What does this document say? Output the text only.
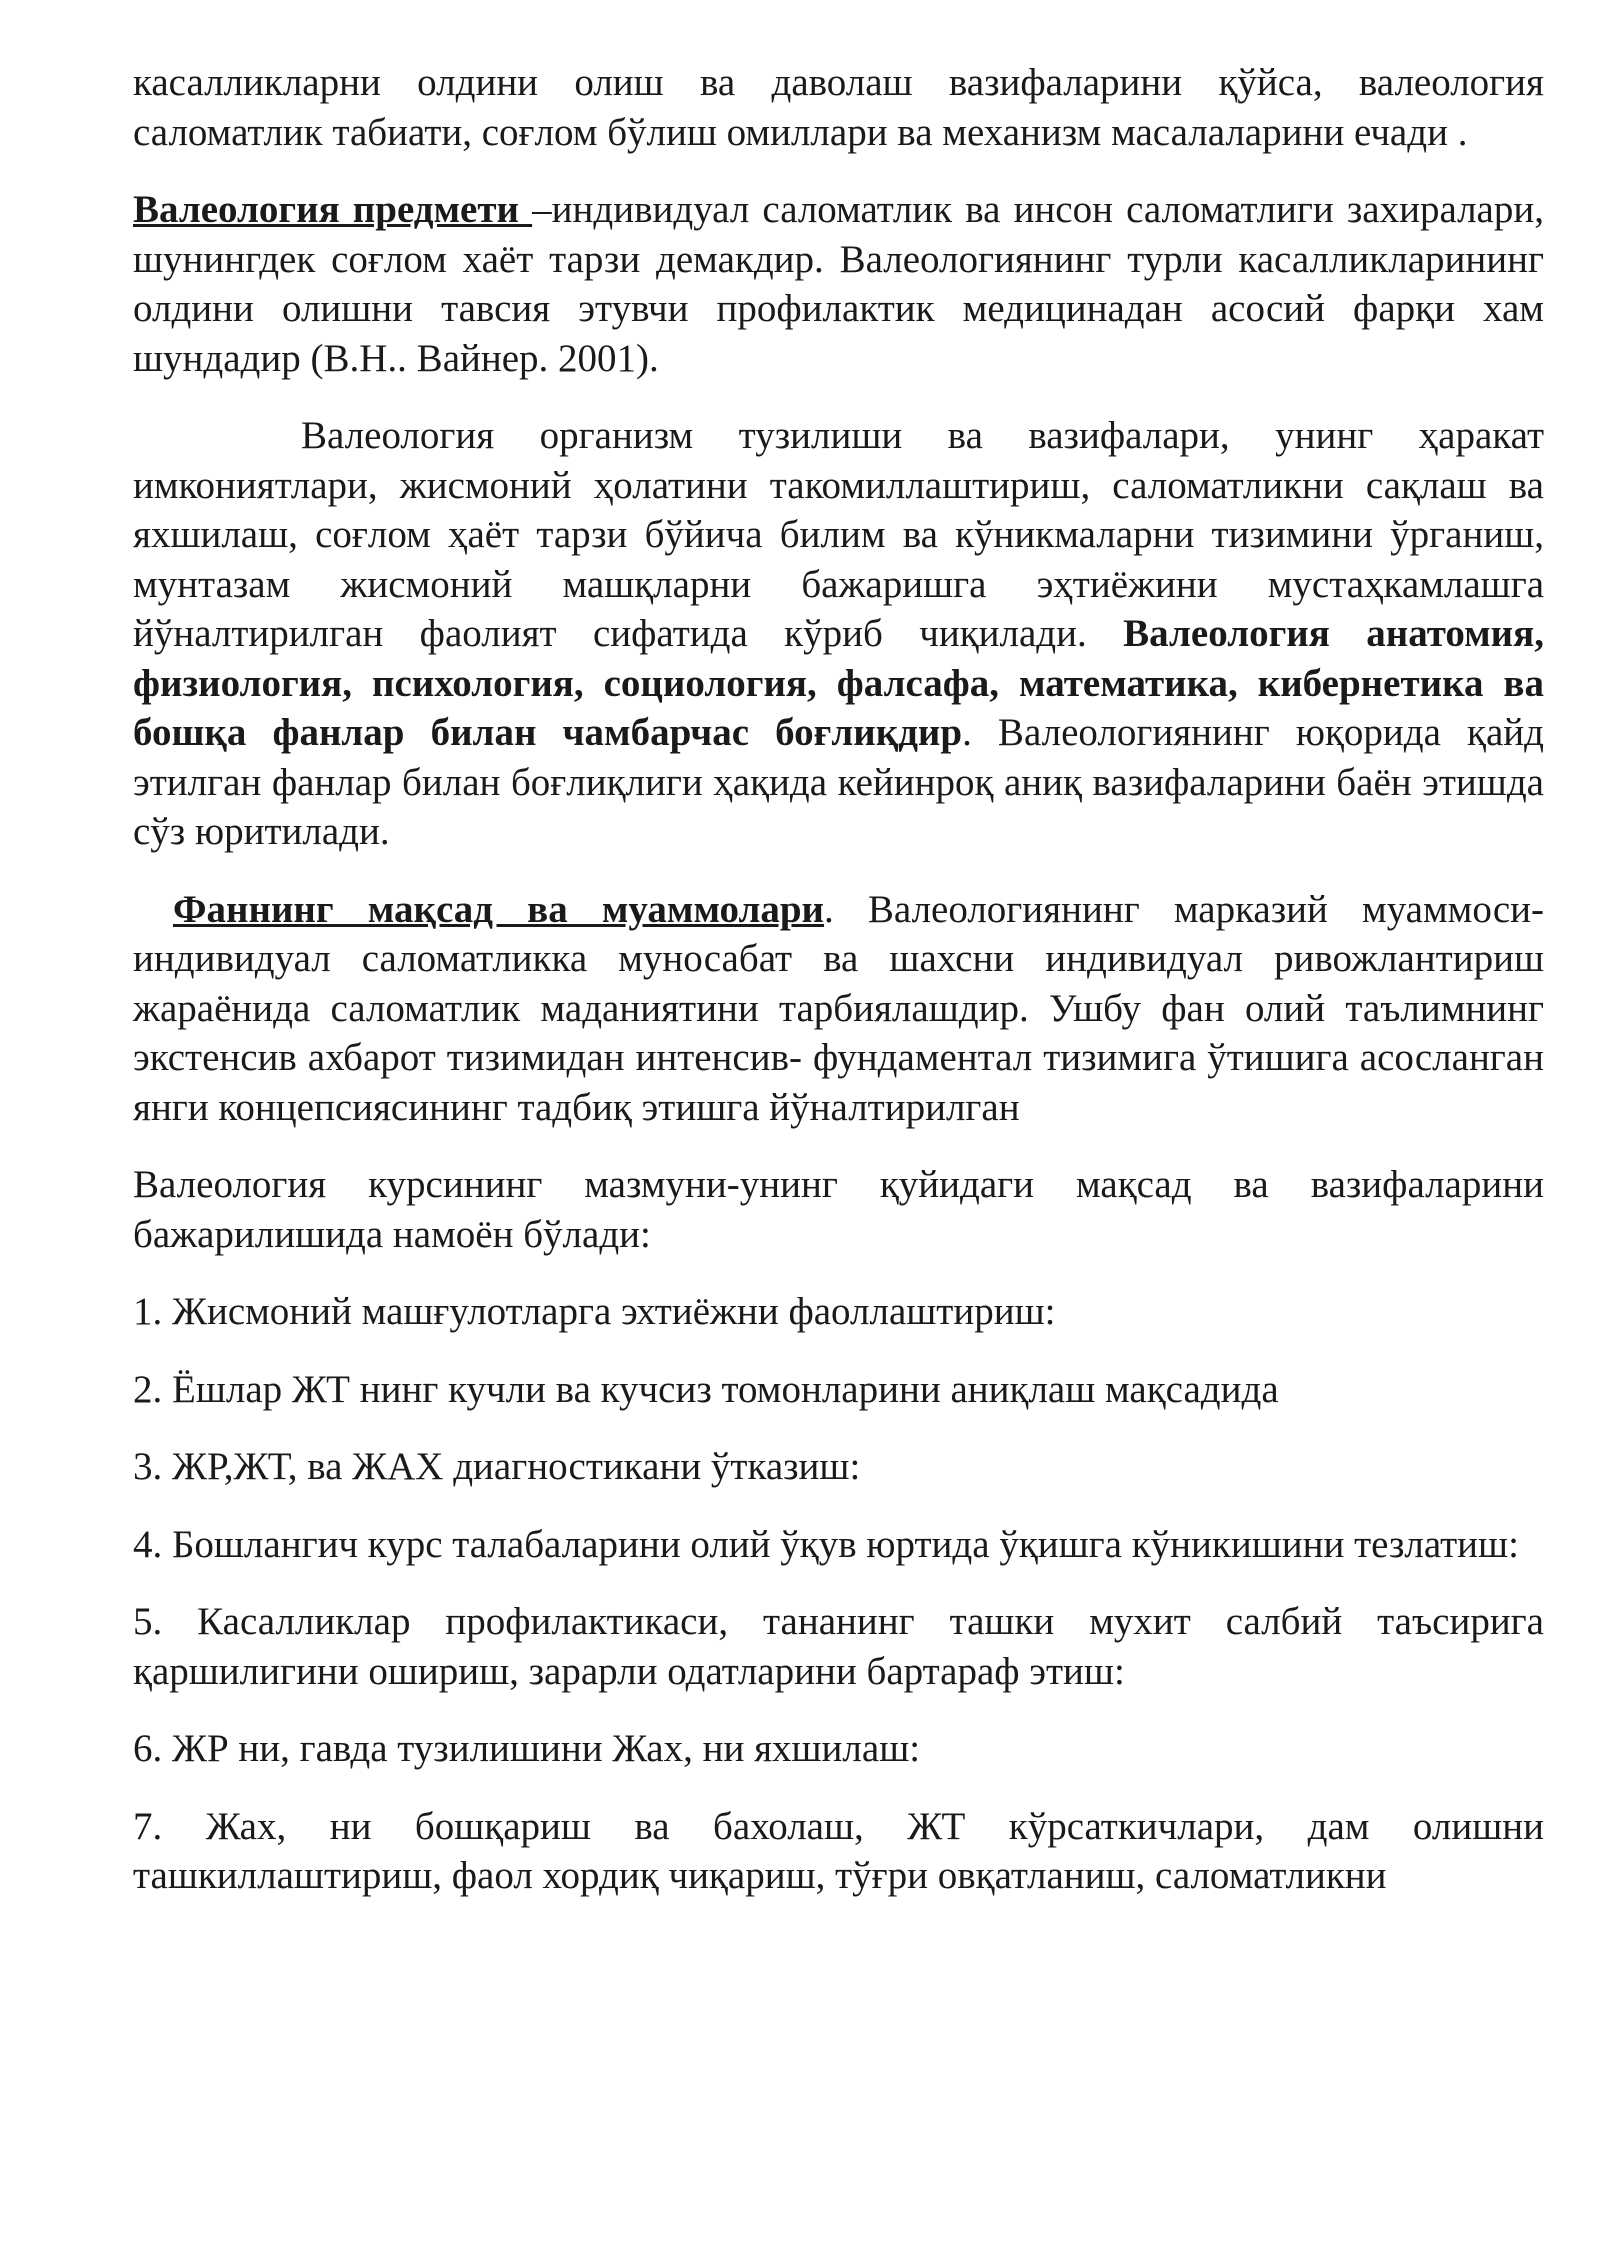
касалликларни олдини олиш ва даволаш вазифаларини қўйса, валеология саломатлик табиати, соғлом бўлиш омиллари ва механизм масалаларини ечади .

Валеология предмети –индивидуал саломатлик ва инсон саломатлиги захиралари, шунингдек соғлом хаёт тарзи демакдир. Валеологиянинг турли касалликларининг олдини олишни тавсия этувчи профилактик медицинадан асосий фарқи хам шундадир (В.Н.. Вайнер. 2001).

Валеология организм тузилиши ва вазифалари, унинг ҳаракат имкониятлари, жисмоний ҳолатини такомиллаштириш, саломатликни сақлаш ва яхшилаш, соғлом ҳаёт тарзи бўйича билим ва кўникмаларни тизимини ўрганиш, мунтазам жисмоний машқларни бажаришга эҳтиёжини мустаҳкамлашга йўналтирилган фаолият сифатида кўриб чиқилади. Валеология анатомия, физиология, психология, социология, фалсафа, математика, кибернетика ва бошқа фанлар билан чамбарчас боғлиқдир. Валеологиянинг юқорида қайд этилган фанлар билан боғлиқлиги ҳақида кейинроқ аниқ вазифаларини баён этишда сўз юритилади.

Фаннинг мақсад ва муаммолари. Валеологиянинг марказий муаммоси- индивидуал саломатликка муносабат ва шахсни индивидуал ривожлантириш жараёнида саломатлик маданиятини тарбиялашдир. Ушбу фан олий таълимнинг экстенсив ахбарот тизимидан интенсив- фундаментал тизимига ўтишига асосланган янги концепсиясининг тадбиқ этишга йўналтирилган

Валеология курсининг мазмуни-унинг қуйидаги мақсад ва вазифаларини бажарилишида намоён бўлади:

1. Жисмоний машғулотларга эхтиёжни фаоллаштириш:

2. Ёшлар ЖТ нинг кучли ва кучсиз томонларини аниқлаш мақсадида

3. ЖР,ЖТ, ва ЖАХ диагностикани ўтказиш:

4. Бошлангич курс талабаларини олий ўқув юртида ўқишга кўникишини тезлатиш:

5. Касалликлар профилактикаси, тананинг ташки мухит салбий таъсирига қаршилигини ошириш, зарарли одатларини бартараф этиш:

6. ЖР ни, гавда тузилишини Жах, ни яхшилаш:

7. Жах, ни бошқариш ва бахолаш, ЖТ кўрсаткичлари, дам олишни ташкиллаштириш, фаол хордиқ чиқариш, тўғри овқатланиш, саломатликни
